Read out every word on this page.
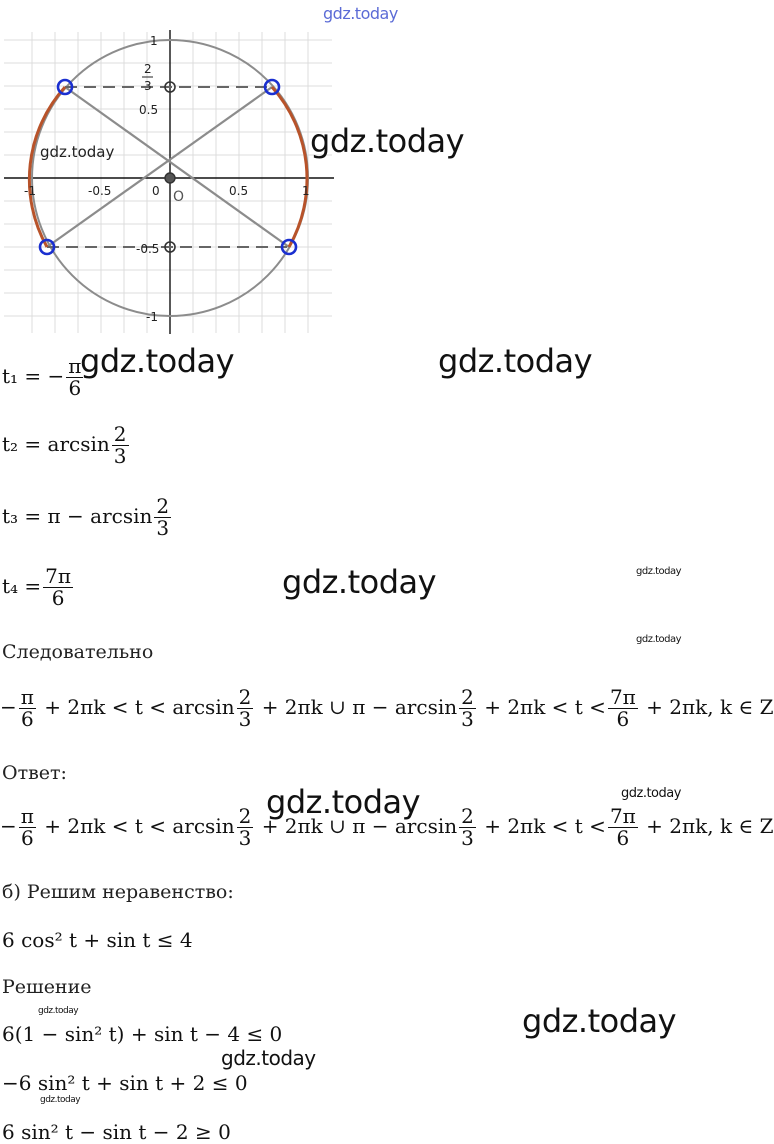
gdz.today
1
0.5
-0.5
-1
-1	-0.5	0 O	0.5	1
2
3
gdz.today	gdz.today
gdz.today	gdz.today
gdz.today	gdz.today
gdz.today
gdz.today	gdz.today
gdz.today
gdz.today
gdz.today
gdz.today
t₁ = − $\frac{\pi}{6}$
$t_2 = \arcsin \frac{2}{3}$
$t_3 = \pi - \arcsin \frac{2}{3}$
$t_4 = \frac{7\pi}{6}$
Следовательно
− $\frac{\pi}{6} + 2\pi k < t < \arcsin \frac{2}{3} + 2\pi k$ ∪ $\pi - \arcsin \frac{2}{3} + 2\pi k < t < \frac{7\pi}{6} + 2\pi k$, k ∈ Z
Ответ:
− $\frac{\pi}{6} + 2\pi k < t < \arcsin \frac{2}{3} + 2\pi k$ ∪ $\pi - \arcsin \frac{2}{3} + 2\pi k < t < \frac{7\pi}{6} + 2\pi k$, k ∈ Z
б) Решим неравенство:
6 cos² t + sin t ≤ 4
Решение
6(1 − sin² t) + sin t − 4 ≤ 0
−6 sin² t + sin t + 2 ≤ 0
6 sin² t − sin t − 2 ≥ 0
